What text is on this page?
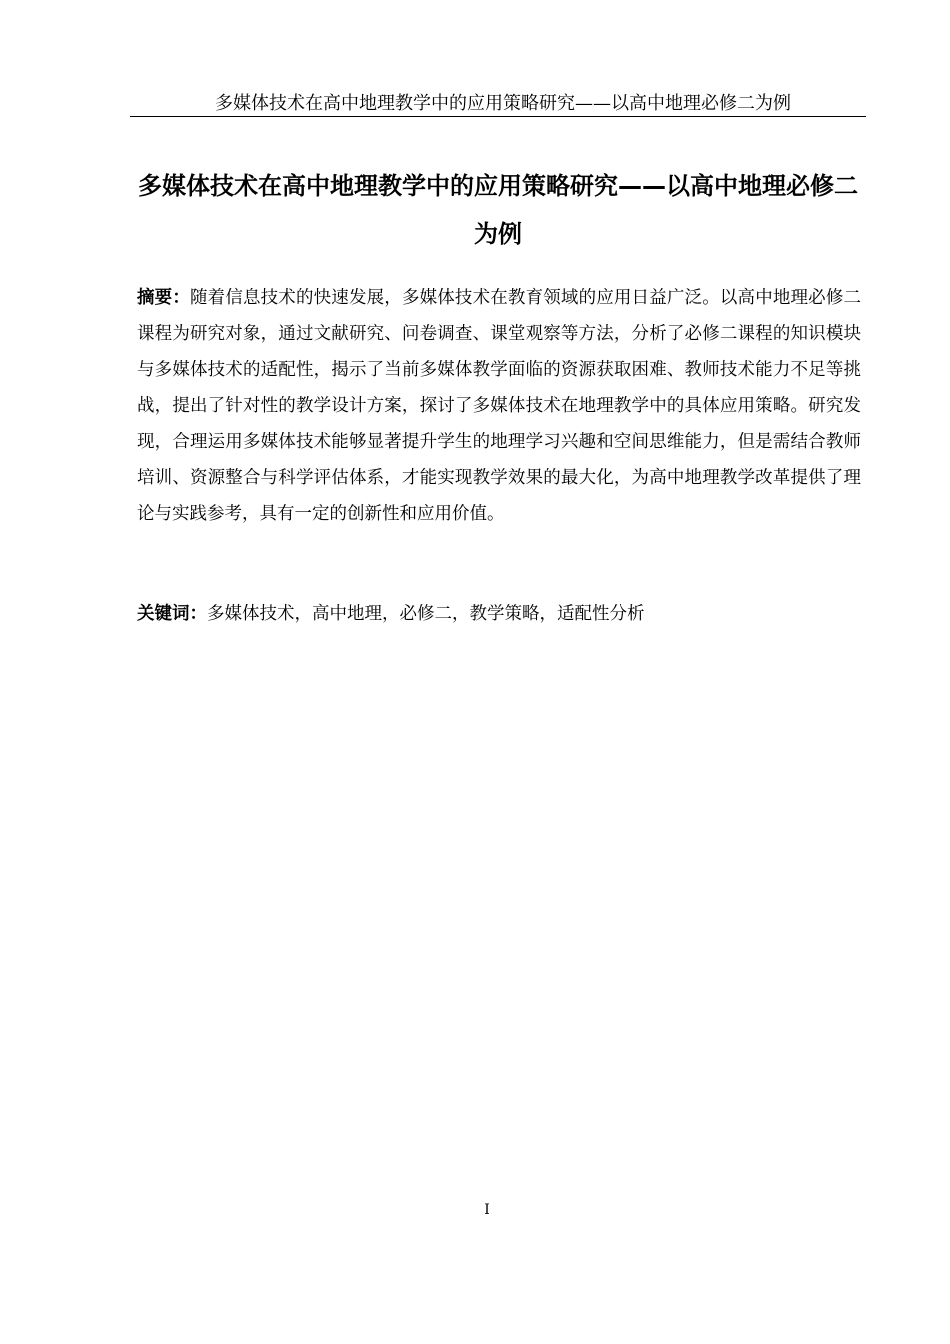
多媒体技术在高中地理教学中的应用策略研究——以高中地理必修二为例
多媒体技术在高中地理教学中的应用策略研究——以高中地理必修二为例

摘要：随着信息技术的快速发展，多媒体技术在教育领域的应用日益广泛。以高中地理必修二课程为研究对象，通过文献研究、问卷调查、课堂观察等方法，分析了必修二课程的知识模块与多媒体技术的适配性，揭示了当前多媒体教学面临的资源获取困难、教师技术能力不足等挑战，提出了针对性的教学设计方案，探讨了多媒体技术在地理教学中的具体应用策略。研究发现，合理运用多媒体技术能够显著提升学生的地理学习兴趣和空间思维能力，但是需结合教师培训、资源整合与科学评估体系，才能实现教学效果的最大化，为高中地理教学改革提供了理论与实践参考，具有一定的创新性和应用价值。

关键词：多媒体技术，高中地理，必修二，教学策略，适配性分析

I
